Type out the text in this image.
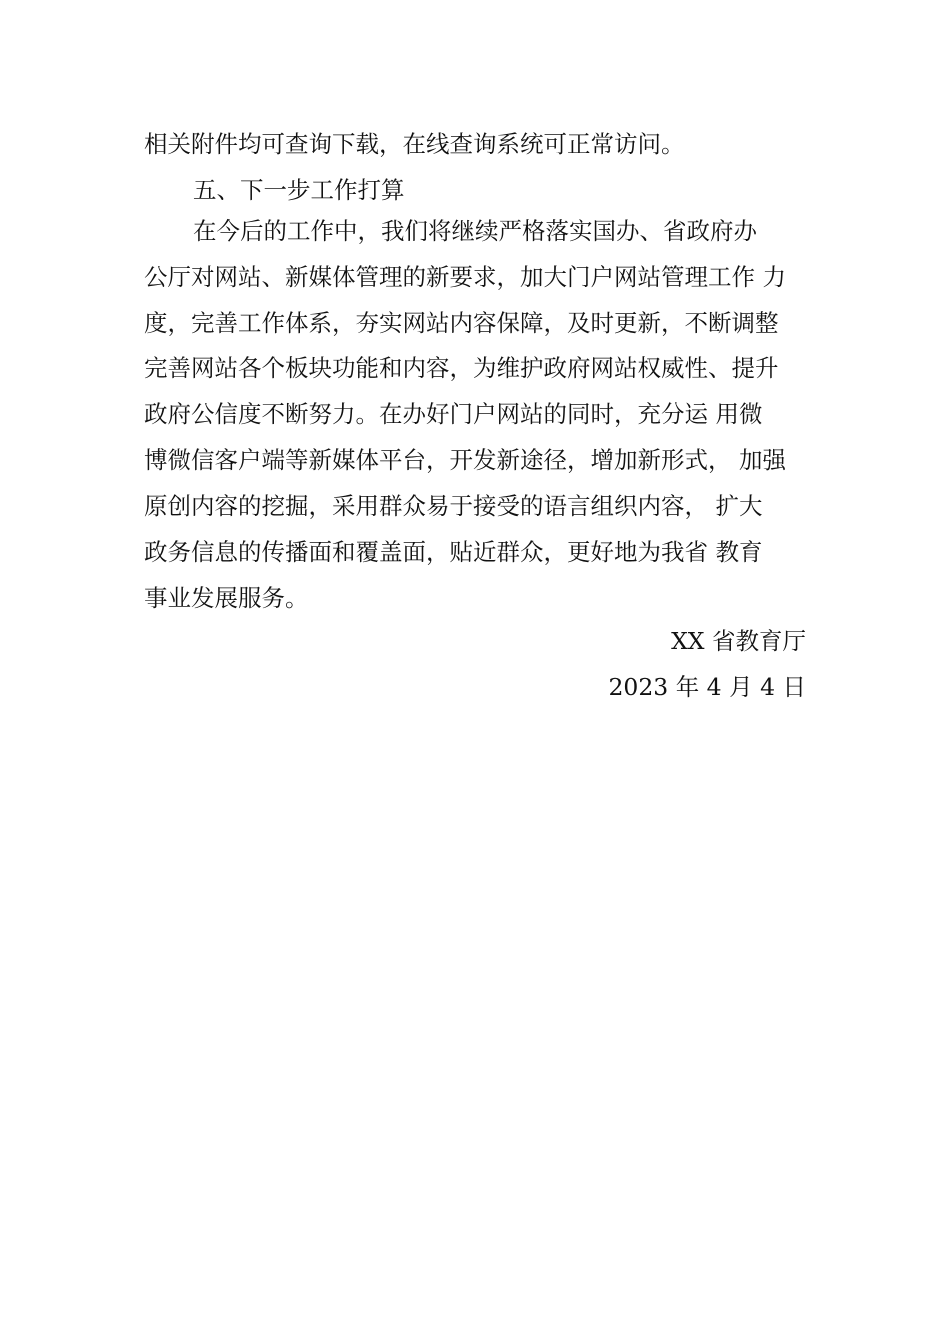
相关附件均可查询下载，在线查询系统可正常访问。
五、下一步工作打算
在今后的工作中，我们将继续严格落实国办、省政府办
公厅对网站、新媒体管理的新要求，加大门户网站管理工作 力
度，完善工作体系，夯实网站内容保障，及时更新，不断调整
完善网站各个板块功能和内容，为维护政府网站权威性、提升
政府公信度不断努力。在办好门户网站的同时，充分运 用微
博微信客户端等新媒体平台，开发新途径，增加新形式， 加强
原创内容的挖掘，采用群众易于接受的语言组织内容， 扩大
政务信息的传播面和覆盖面，贴近群众，更好地为我省 教育
事业发展服务。
XX 省教育厅
2023 年 4 月 4 日
